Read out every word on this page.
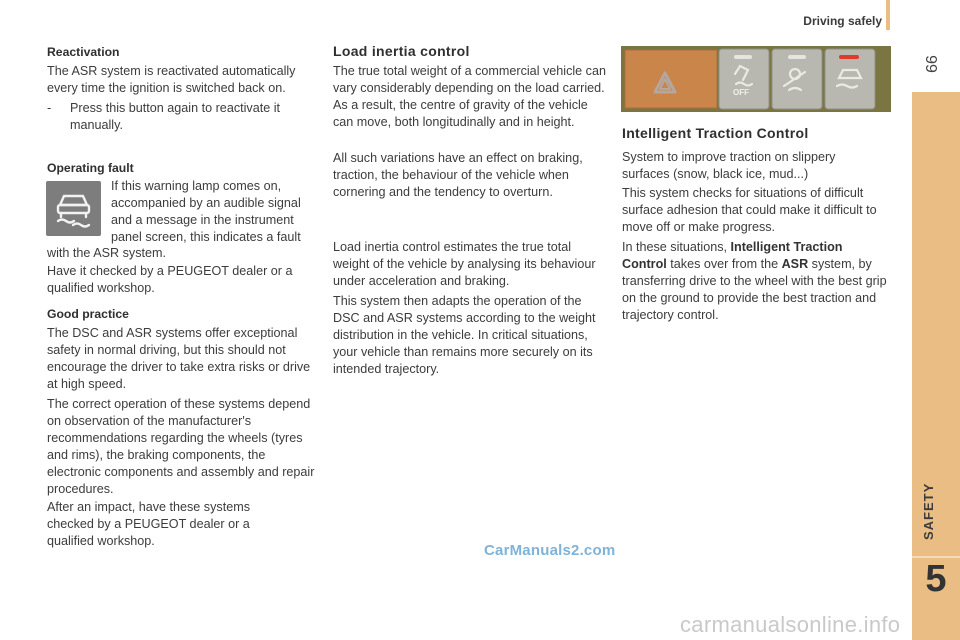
Driving safely
99
SAFETY
5
Reactivation

The ASR system is reactivated automatically every time the ignition is switched back on.

- Press this button again to reactivate it manually.

Operating fault

If this warning lamp comes on, accompanied by an audible signal and a message in the instrument panel screen, this indicates a fault

with the ASR system.

Have it checked by a PEUGEOT dealer or a qualified workshop.

Good practice

The DSC and ASR systems offer exceptional safety in normal driving, but this should not encourage the driver to take extra risks or drive at high speed.

The correct operation of these systems depend on observation of the manufacturer's recommendations regarding the wheels (tyres and rims), the braking components, the electronic components and assembly and repair procedures.

After an impact, have these systems checked by a PEUGEOT dealer or a qualified workshop.

Load inertia control

The true total weight of a commercial vehicle can vary considerably depending on the load carried. As a result, the centre of gravity of the vehicle can move, both longitudinally and in height.

All such variations have an effect on braking, traction, the behaviour of the vehicle when cornering and the tendency to overturn.

Load inertia control estimates the true total weight of the vehicle by analysing its behaviour under acceleration and braking.

This system then adapts the operation of the DSC and ASR systems according to the weight distribution in the vehicle. In critical situations, your vehicle than remains more securely on its intended trajectory.

OFF
Intelligent Traction Control

System to improve traction on slippery surfaces (snow, black ice, mud...)

This system checks for situations of difficult surface adhesion that could make it difficult to move off or make progress.

In these situations, Intelligent Traction Control takes over from the ASR system, by transferring drive to the wheel with the best grip on the ground to provide the best traction and trajectory control.

CarManuals2.com
carmanualsonline.info
